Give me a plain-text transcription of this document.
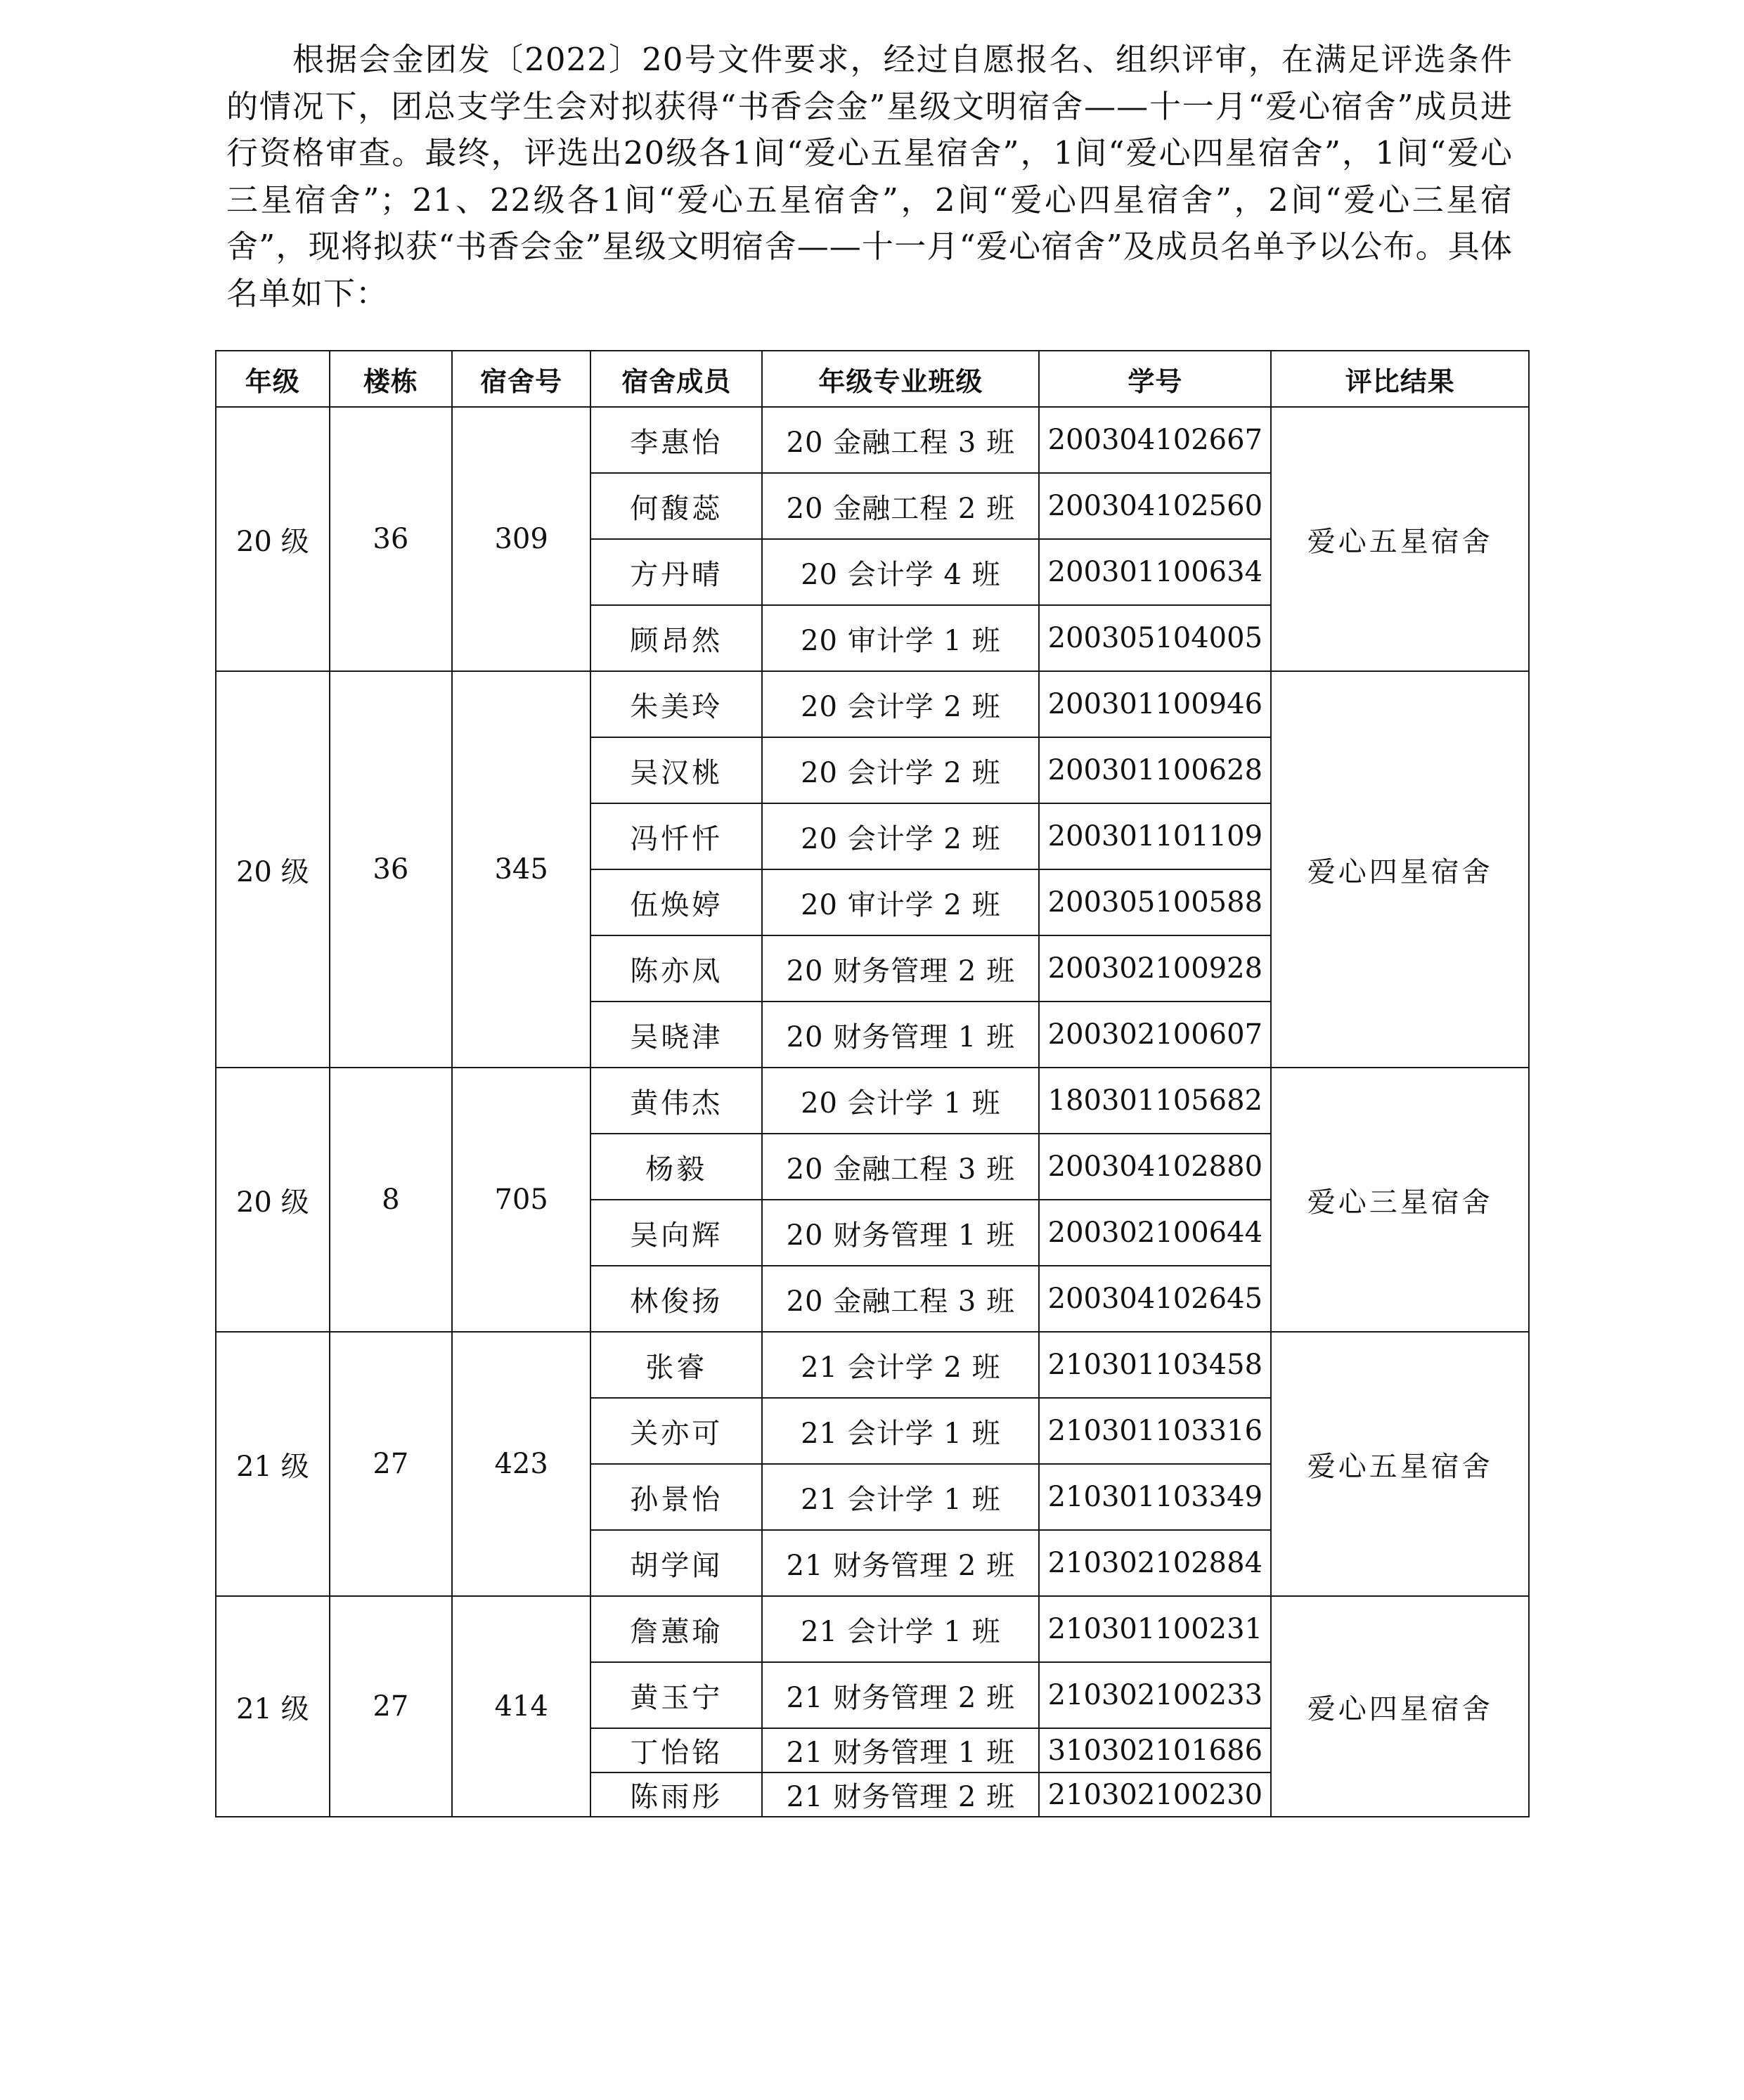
根据会金团发〔2022〕20号文件要求，经过自愿报名、组织评审，在满足评选条件的情况下，团总支学生会对拟获得“书香会金”星级文明宿舍——十一月“爱心宿舍”成员进行资格审查。最终，评选出20级各1间“爱心五星宿舍”，1间“爱心四星宿舍”，1间“爱心三星宿舍”；21、22级各1间“爱心五星宿舍”，2间“爱心四星宿舍”，2间“爱心三星宿舍”，现将拟获“书香会金”星级文明宿舍——十一月“爱心宿舍”及成员名单予以公布。具体名单如下：

年级	楼栋	宿舍号	宿舍成员	年级专业班级	学号	评比结果
20 级	36	309	李惠怡	20 金融工程 3 班	200304102667	爱心五星宿舍
			何馥蕊	20 金融工程 2 班	200304102560	
			方丹晴	20 会计学 4 班	200301100634	
			顾昂然	20 审计学 1 班	200305104005	
20 级	36	345	朱美玲	20 会计学 2 班	200301100946	爱心四星宿舍
			吴汉桃	20 会计学 2 班	200301100628	
			冯忏忏	20 会计学 2 班	200301101109	
			伍焕婷	20 审计学 2 班	200305100588	
			陈亦凤	20 财务管理 2 班	200302100928	
			吴晓津	20 财务管理 1 班	200302100607	
20 级	8	705	黄伟杰	20 会计学 1 班	180301105682	爱心三星宿舍
			杨毅	20 金融工程 3 班	200304102880	
			吴向辉	20 财务管理 1 班	200302100644	
			林俊扬	20 金融工程 3 班	200304102645	
21 级	27	423	张睿	21 会计学 2 班	210301103458	爱心五星宿舍
			关亦可	21 会计学 1 班	210301103316	
			孙景怡	21 会计学 1 班	210301103349	
			胡学闻	21 财务管理 2 班	210302102884	
21 级	27	414	詹蕙瑜	21 会计学 1 班	210301100231	爱心四星宿舍
			黄玉宁	21 财务管理 2 班	210302100233	
			丁怡铭	21 财务管理 1 班	310302101686	
			陈雨彤	21 财务管理 2 班	210302100230	
